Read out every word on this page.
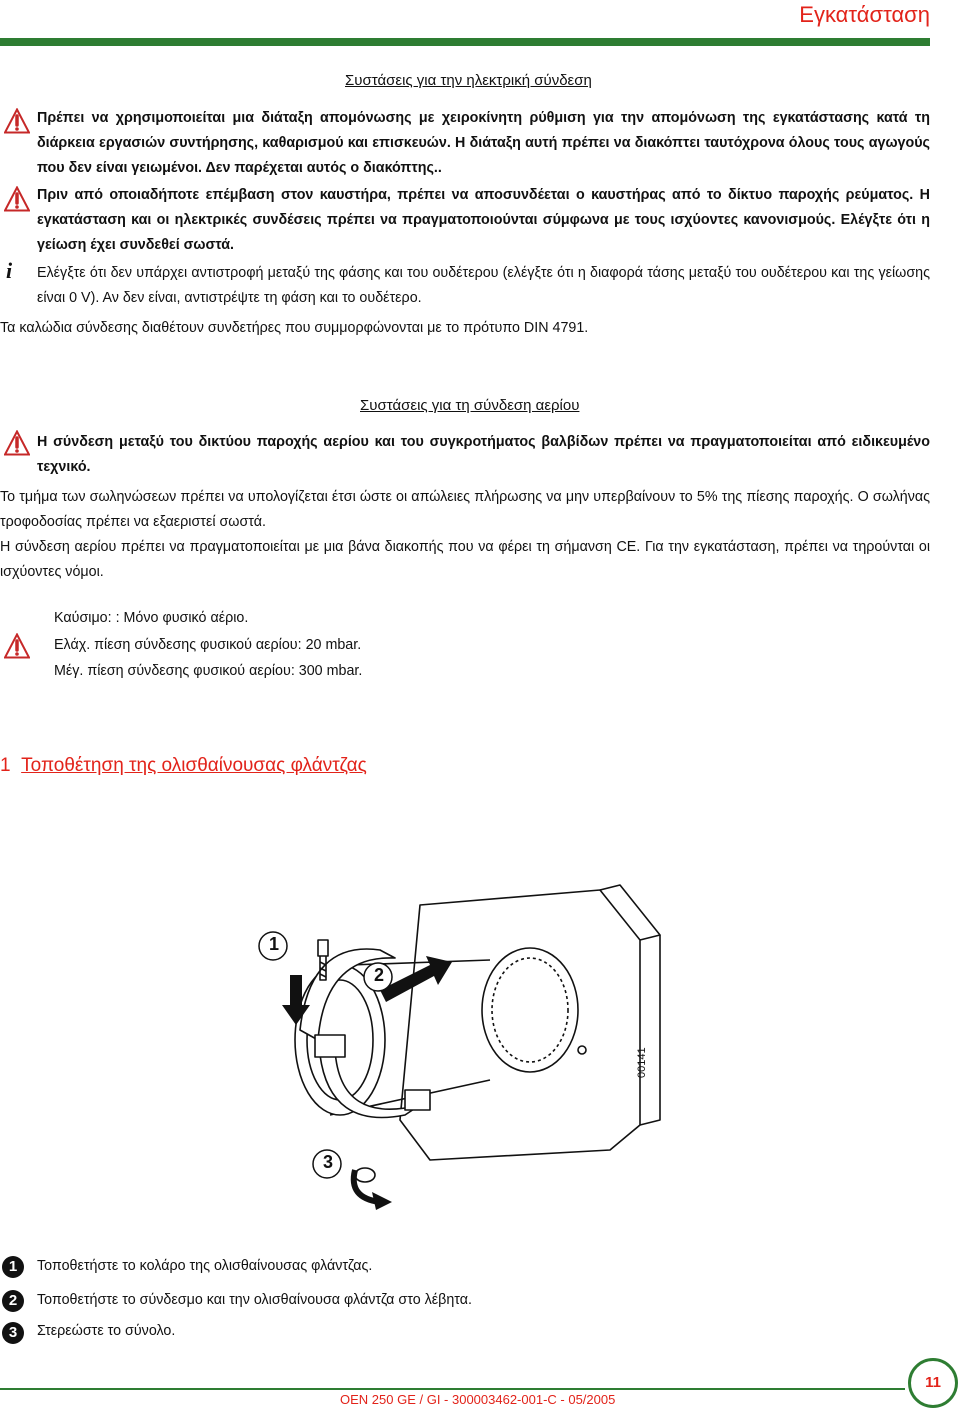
Εγκατάσταση
Συστάσεις για την ηλεκτρική σύνδεση
Πρέπει να χρησιμοποιείται μια διάταξη απομόνωσης με χειροκίνητη ρύθμιση για την απομόνωση της εγκατάστασης κατά τη διάρκεια εργασιών συντήρησης, καθαρισμού και επισκευών. Η διάταξη αυτή πρέπει να διακόπτει ταυτόχρονα όλους τους αγωγούς που δεν είναι γειωμένοι. Δεν παρέχεται αυτός ο διακόπτης..
Πριν από οποιαδήποτε επέμβαση στον καυστήρα, πρέπει να αποσυνδέεται ο καυστήρας από το δίκτυο παροχής ρεύματος. Η εγκατάσταση και οι ηλεκτρικές συνδέσεις πρέπει να πραγματοποιούνται σύμφωνα με τους ισχύοντες κανονισμούς. Ελέγξτε ότι η γείωση έχει συνδεθεί σωστά.
i Ελέγξτε ότι δεν υπάρχει αντιστροφή μεταξύ της φάσης και του ουδέτερου (ελέγξτε ότι η διαφορά τάσης μεταξύ του ουδέτερου και της γείωσης είναι 0 V). Αν δεν είναι, αντιστρέψτε τη φάση και το ουδέτερο.
Τα καλώδια σύνδεσης διαθέτουν συνδετήρες που συμμορφώνονται με το πρότυπο DIN 4791.
Συστάσεις για τη σύνδεση αερίου
Η σύνδεση μεταξύ του δικτύου παροχής αερίου και του συγκροτήματος βαλβίδων πρέπει να πραγματοποιείται από ειδικευμένο τεχνικό.
Το τμήμα των σωληνώσεων πρέπει να υπολογίζεται έτσι ώστε οι απώλειες πλήρωσης να μην υπερβαίνουν το 5% της πίεσης παροχής. Ο σωλήνας τροφοδοσίας πρέπει να εξαεριστεί σωστά.
Η σύνδεση αερίου πρέπει να πραγματοποιείται με μια βάνα διακοπής που να φέρει τη σήμανση CE. Για την εγκατάσταση, πρέπει να τηρούνται οι ισχύοντες νόμοι.
Καύσιμο: : Μόνο φυσικό αέριο.
Ελάχ. πίεση σύνδεσης φυσικού αερίου: 20 mbar.
Μέγ. πίεση σύνδεσης φυσικού αερίου: 300 mbar.
1 Τοποθέτηση της ολισθαίνουσας φλάντζας
1
2
3
00141
1	Τοποθετήστε το κολάρο της ολισθαίνουσας φλάντζας.
2	Τοποθετήστε το σύνδεσμο και την ολισθαίνουσα φλάντζα στο λέβητα.
3	Στερεώστε το σύνολο.
OEN 250 GE / GI - 300003462-001-C - 05/2005
11
